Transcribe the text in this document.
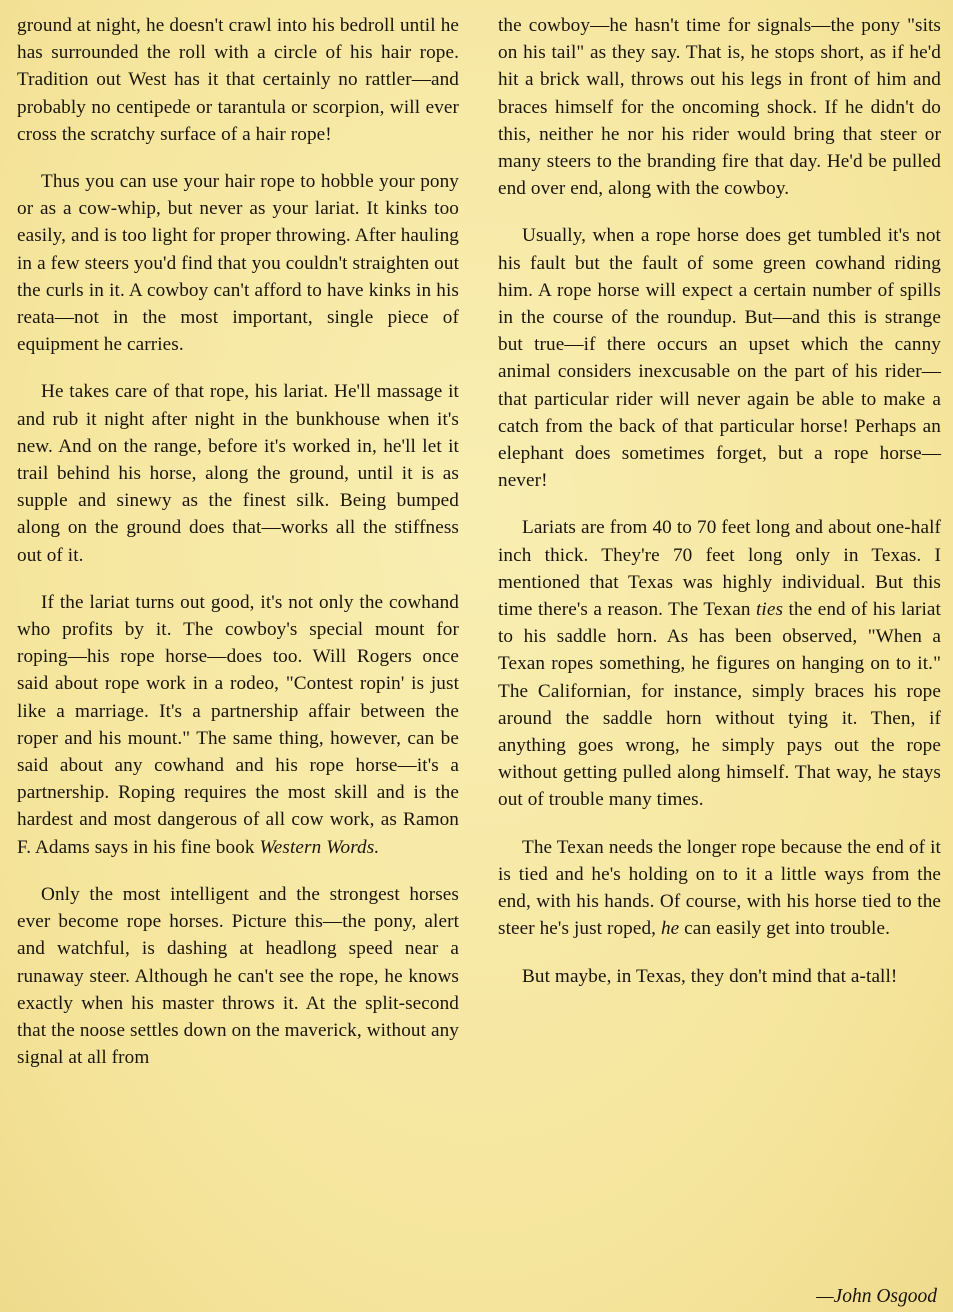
ground at night, he doesn't crawl into his bedroll until he has surrounded the roll with a circle of his hair rope. Tradition out West has it that certainly no rattler—and probably no centipede or tarantula or scorpion, will ever cross the scratchy surface of a hair rope!

Thus you can use your hair rope to hobble your pony or as a cow-whip, but never as your lariat. It kinks too easily, and is too light for proper throwing. After hauling in a few steers you'd find that you couldn't straighten out the curls in it. A cowboy can't afford to have kinks in his reata—not in the most important, single piece of equipment he carries.

He takes care of that rope, his lariat. He'll massage it and rub it night after night in the bunkhouse when it's new. And on the range, before it's worked in, he'll let it trail behind his horse, along the ground, until it is as supple and sinewy as the finest silk. Being bumped along on the ground does that—works all the stiffness out of it.

If the lariat turns out good, it's not only the cowhand who profits by it. The cowboy's special mount for roping—his rope horse—does too. Will Rogers once said about rope work in a rodeo, "Contest ropin' is just like a marriage. It's a partnership affair between the roper and his mount." The same thing, however, can be said about any cowhand and his rope horse—it's a partnership. Roping requires the most skill and is the hardest and most dangerous of all cow work, as Ramon F. Adams says in his fine book Western Words.

Only the most intelligent and the strongest horses ever become rope horses. Picture this—the pony, alert and watchful, is dashing at headlong speed near a runaway steer. Although he can't see the rope, he knows exactly when his master throws it. At the split-second that the noose settles down on the maverick, without any signal at all from

the cowboy—he hasn't time for signals—the pony "sits on his tail" as they say. That is, he stops short, as if he'd hit a brick wall, throws out his legs in front of him and braces himself for the oncoming shock. If he didn't do this, neither he nor his rider would bring that steer or many steers to the branding fire that day. He'd be pulled end over end, along with the cowboy.

Usually, when a rope horse does get tumbled it's not his fault but the fault of some green cowhand riding him. A rope horse will expect a certain number of spills in the course of the roundup. But—and this is strange but true—if there occurs an upset which the canny animal considers inexcusable on the part of his rider—that particular rider will never again be able to make a catch from the back of that particular horse! Perhaps an elephant does sometimes forget, but a rope horse—never!

Lariats are from 40 to 70 feet long and about one-half inch thick. They're 70 feet long only in Texas. I mentioned that Texas was highly individual. But this time there's a reason. The Texan ties the end of his lariat to his saddle horn. As has been observed, "When a Texan ropes something, he figures on hanging on to it." The Californian, for instance, simply braces his rope around the saddle horn without tying it. Then, if anything goes wrong, he simply pays out the rope without getting pulled along himself. That way, he stays out of trouble many times.

The Texan needs the longer rope because the end of it is tied and he's holding on to it a little ways from the end, with his hands. Of course, with his horse tied to the steer he's just roped, he can easily get into trouble.

But maybe, in Texas, they don't mind that a-tall!

—John Osgood
